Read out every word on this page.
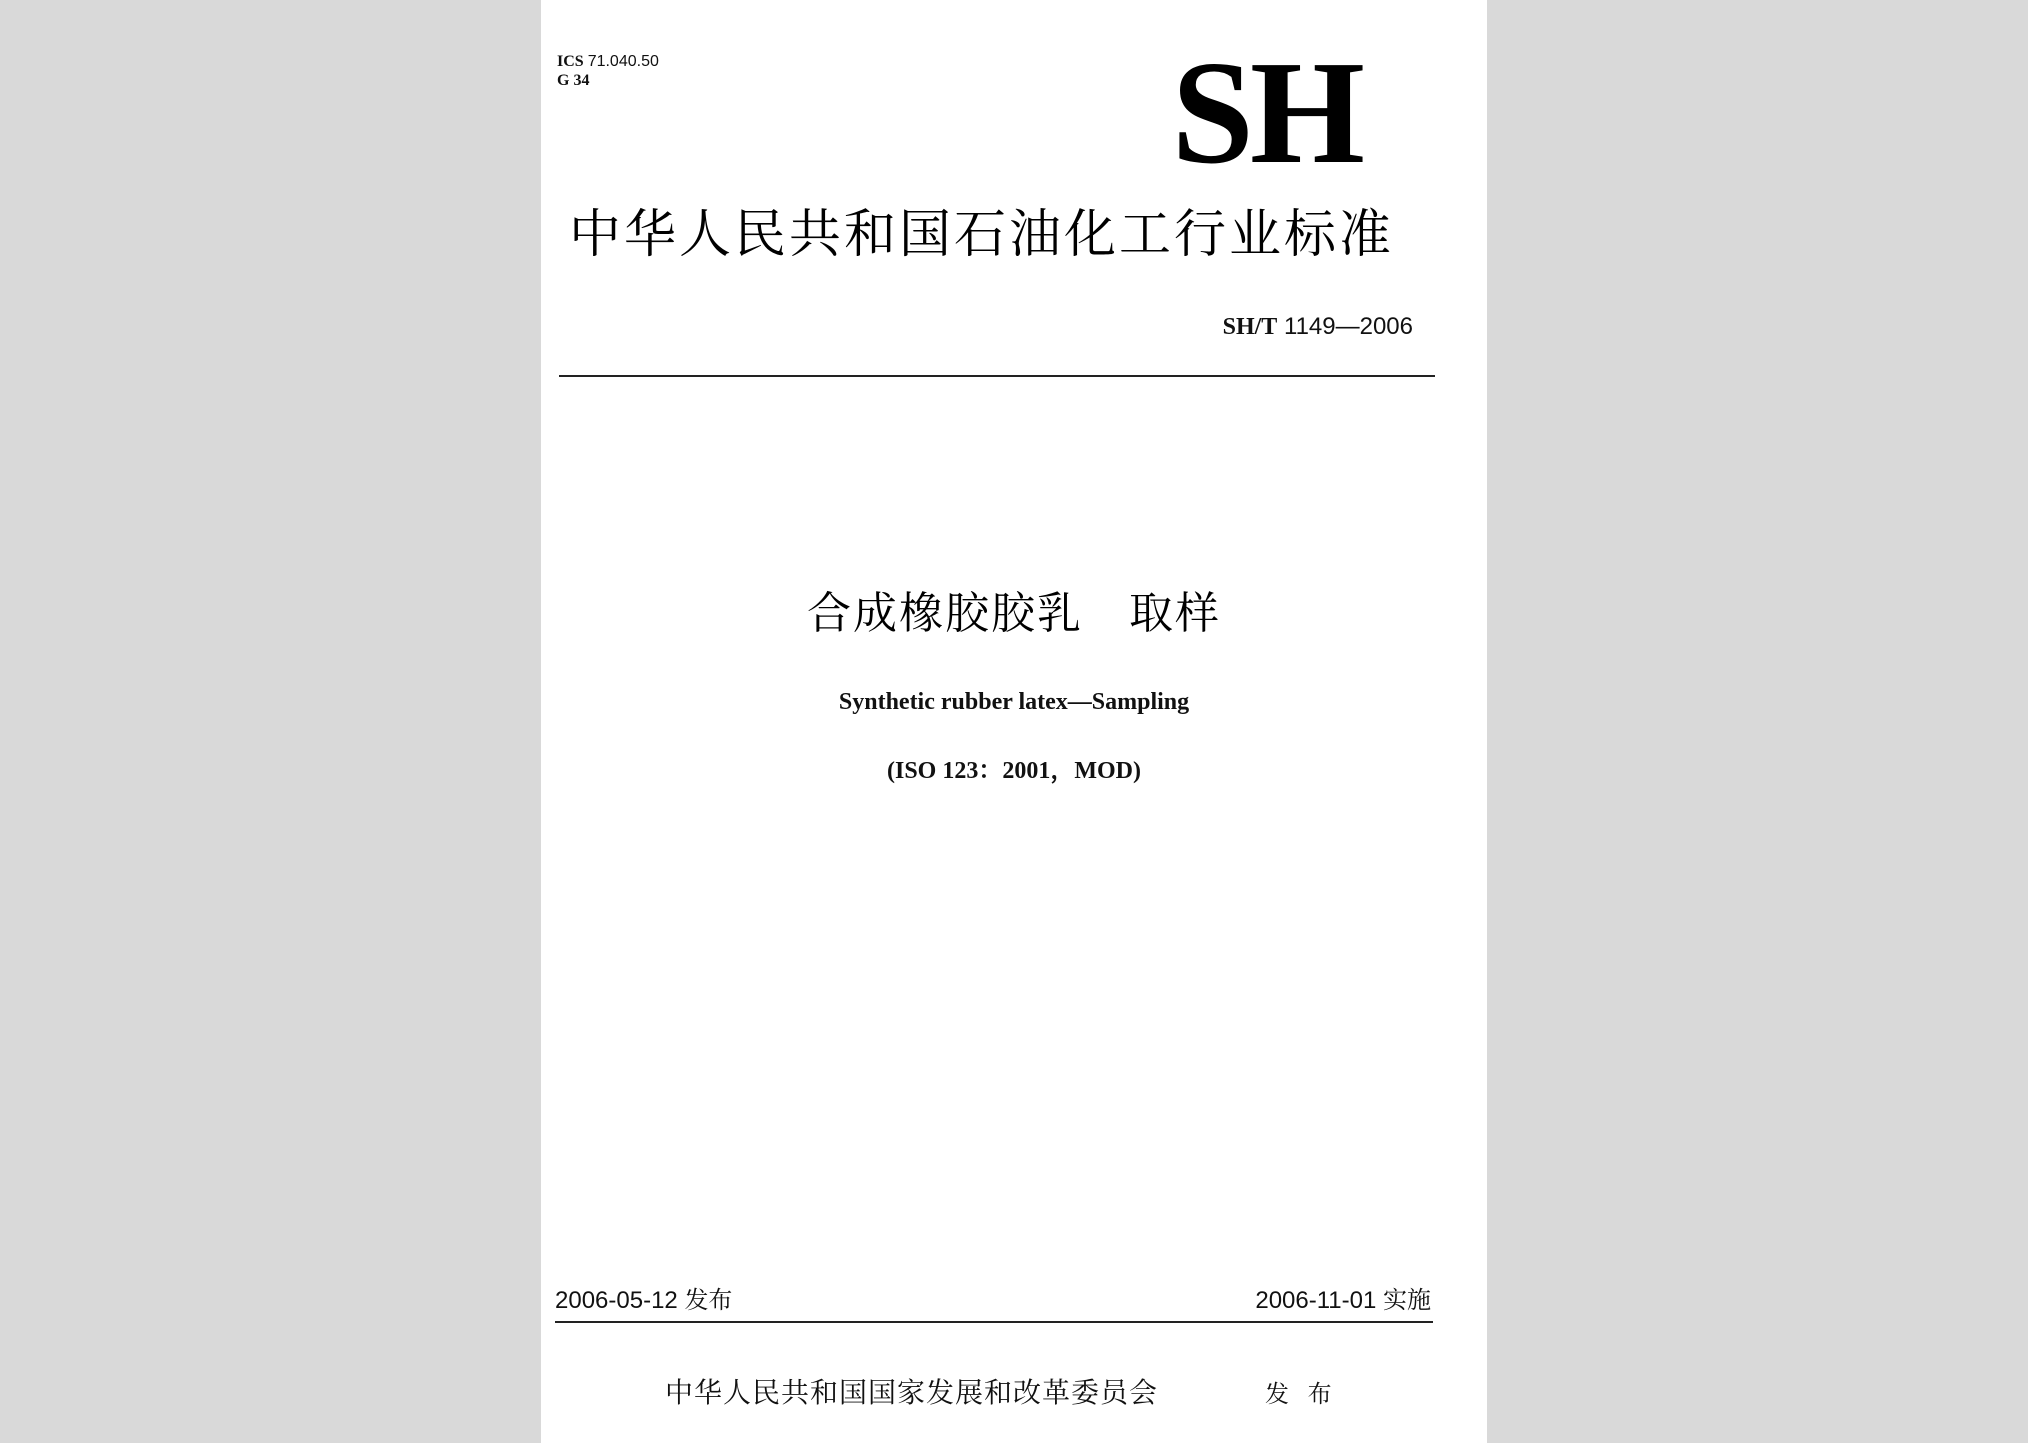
ICS 71.040.50
G 34	SH
中华人民共和国石油化工行业标准
SH/T 1149—2006
合成橡胶胶乳　取样
Synthetic rubber latex—Sampling
(ISO 123：2001，MOD)
2006-05-12 发布	2006-11-01 实施
中华人民共和国国家发展和改革委员会	发 布
